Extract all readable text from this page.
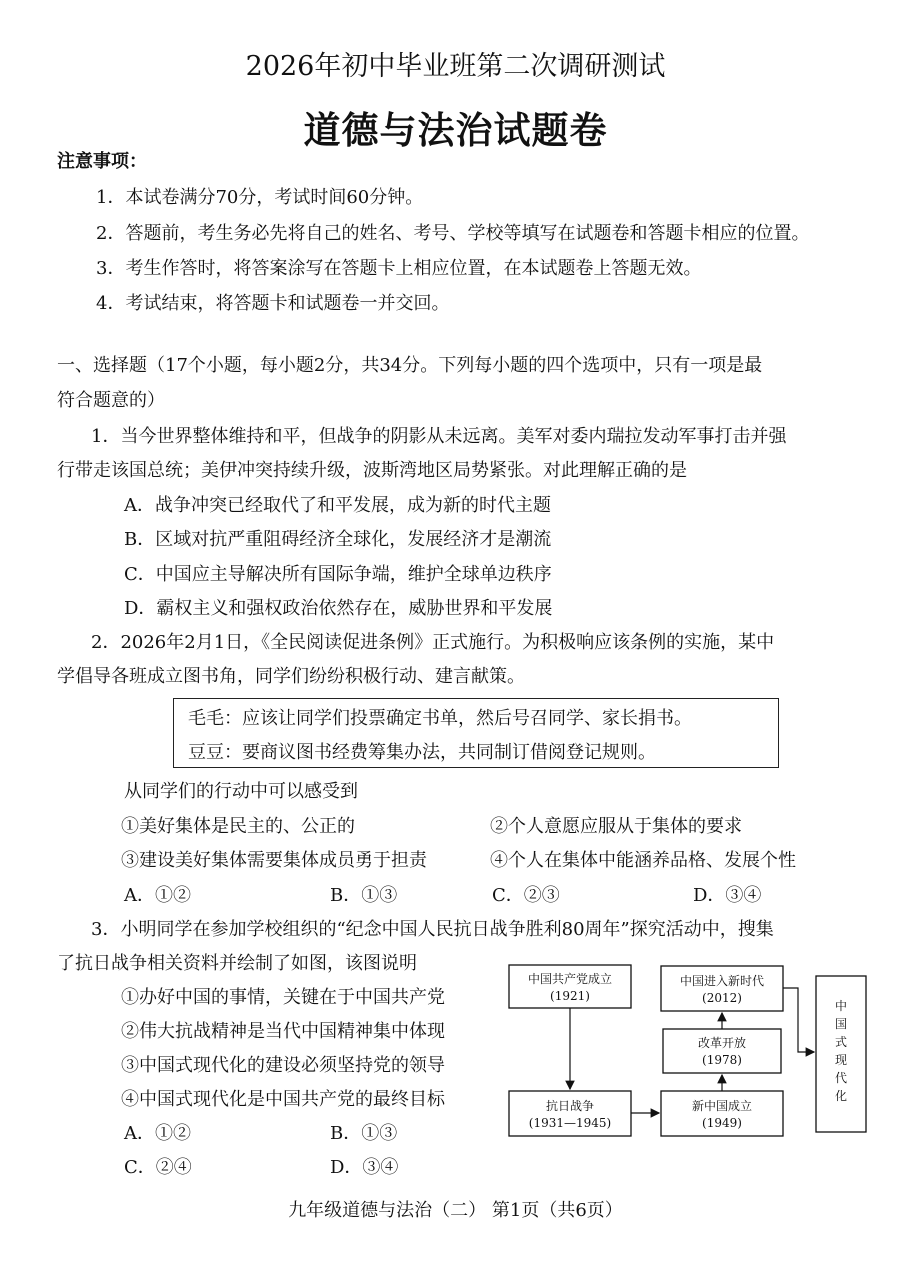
2026年初中毕业班第二次调研测试
道德与法治试题卷
注意事项：
1．本试卷满分70分，考试时间60分钟。
2．答题前，考生务必先将自己的姓名、考号、学校等填写在试题卷和答题卡相应的位置。
3．考生作答时，将答案涂写在答题卡上相应位置，在本试题卷上答题无效。
4．考试结束，将答题卡和试题卷一并交回。
一、选择题（17个小题，每小题2分，共34分。下列每小题的四个选项中，只有一项是最
符合题意的）
1．当今世界整体维持和平，但战争的阴影从未远离。美军对委内瑞拉发动军事打击并强
行带走该国总统；美伊冲突持续升级，波斯湾地区局势紧张。对此理解正确的是
A．战争冲突已经取代了和平发展，成为新的时代主题
B．区域对抗严重阻碍经济全球化，发展经济才是潮流
C．中国应主导解决所有国际争端，维护全球单边秩序
D．霸权主义和强权政治依然存在，威胁世界和平发展
2．2026年2月1日，《全民阅读促进条例》正式施行。为积极响应该条例的实施，某中
学倡导各班成立图书角，同学们纷纷积极行动、建言献策。
毛毛：应该让同学们投票确定书单，然后号召同学、家长捐书。
豆豆：要商议图书经费筹集办法，共同制订借阅登记规则。
从同学们的行动中可以感受到
①美好集体是民主的、公正的	②个人意愿应服从于集体的要求
③建设美好集体需要集体成员勇于担责	④个人在集体中能涵养品格、发展个性
A．①②	B．①③	C．②③	D．③④
3．小明同学在参加学校组织的“纪念中国人民抗日战争胜利80周年”探究活动中，搜集
了抗日战争相关资料并绘制了如图，该图说明
①办好中国的事情，关键在于中国共产党
②伟大抗战精神是当代中国精神集中体现
③中国式现代化的建设必须坚持党的领导
④中国式现代化是中国共产党的最终目标
A．①②	B．①③
C．②④	D．③④
中国共产党成立
(1921)
抗日战争
(1931—1945)
新中国成立
(1949)
改革开放
(1978)
中国进入新时代
(2012)
中
国
式
现
代
化
九年级道德与法治（二） 第1页（共6页）
